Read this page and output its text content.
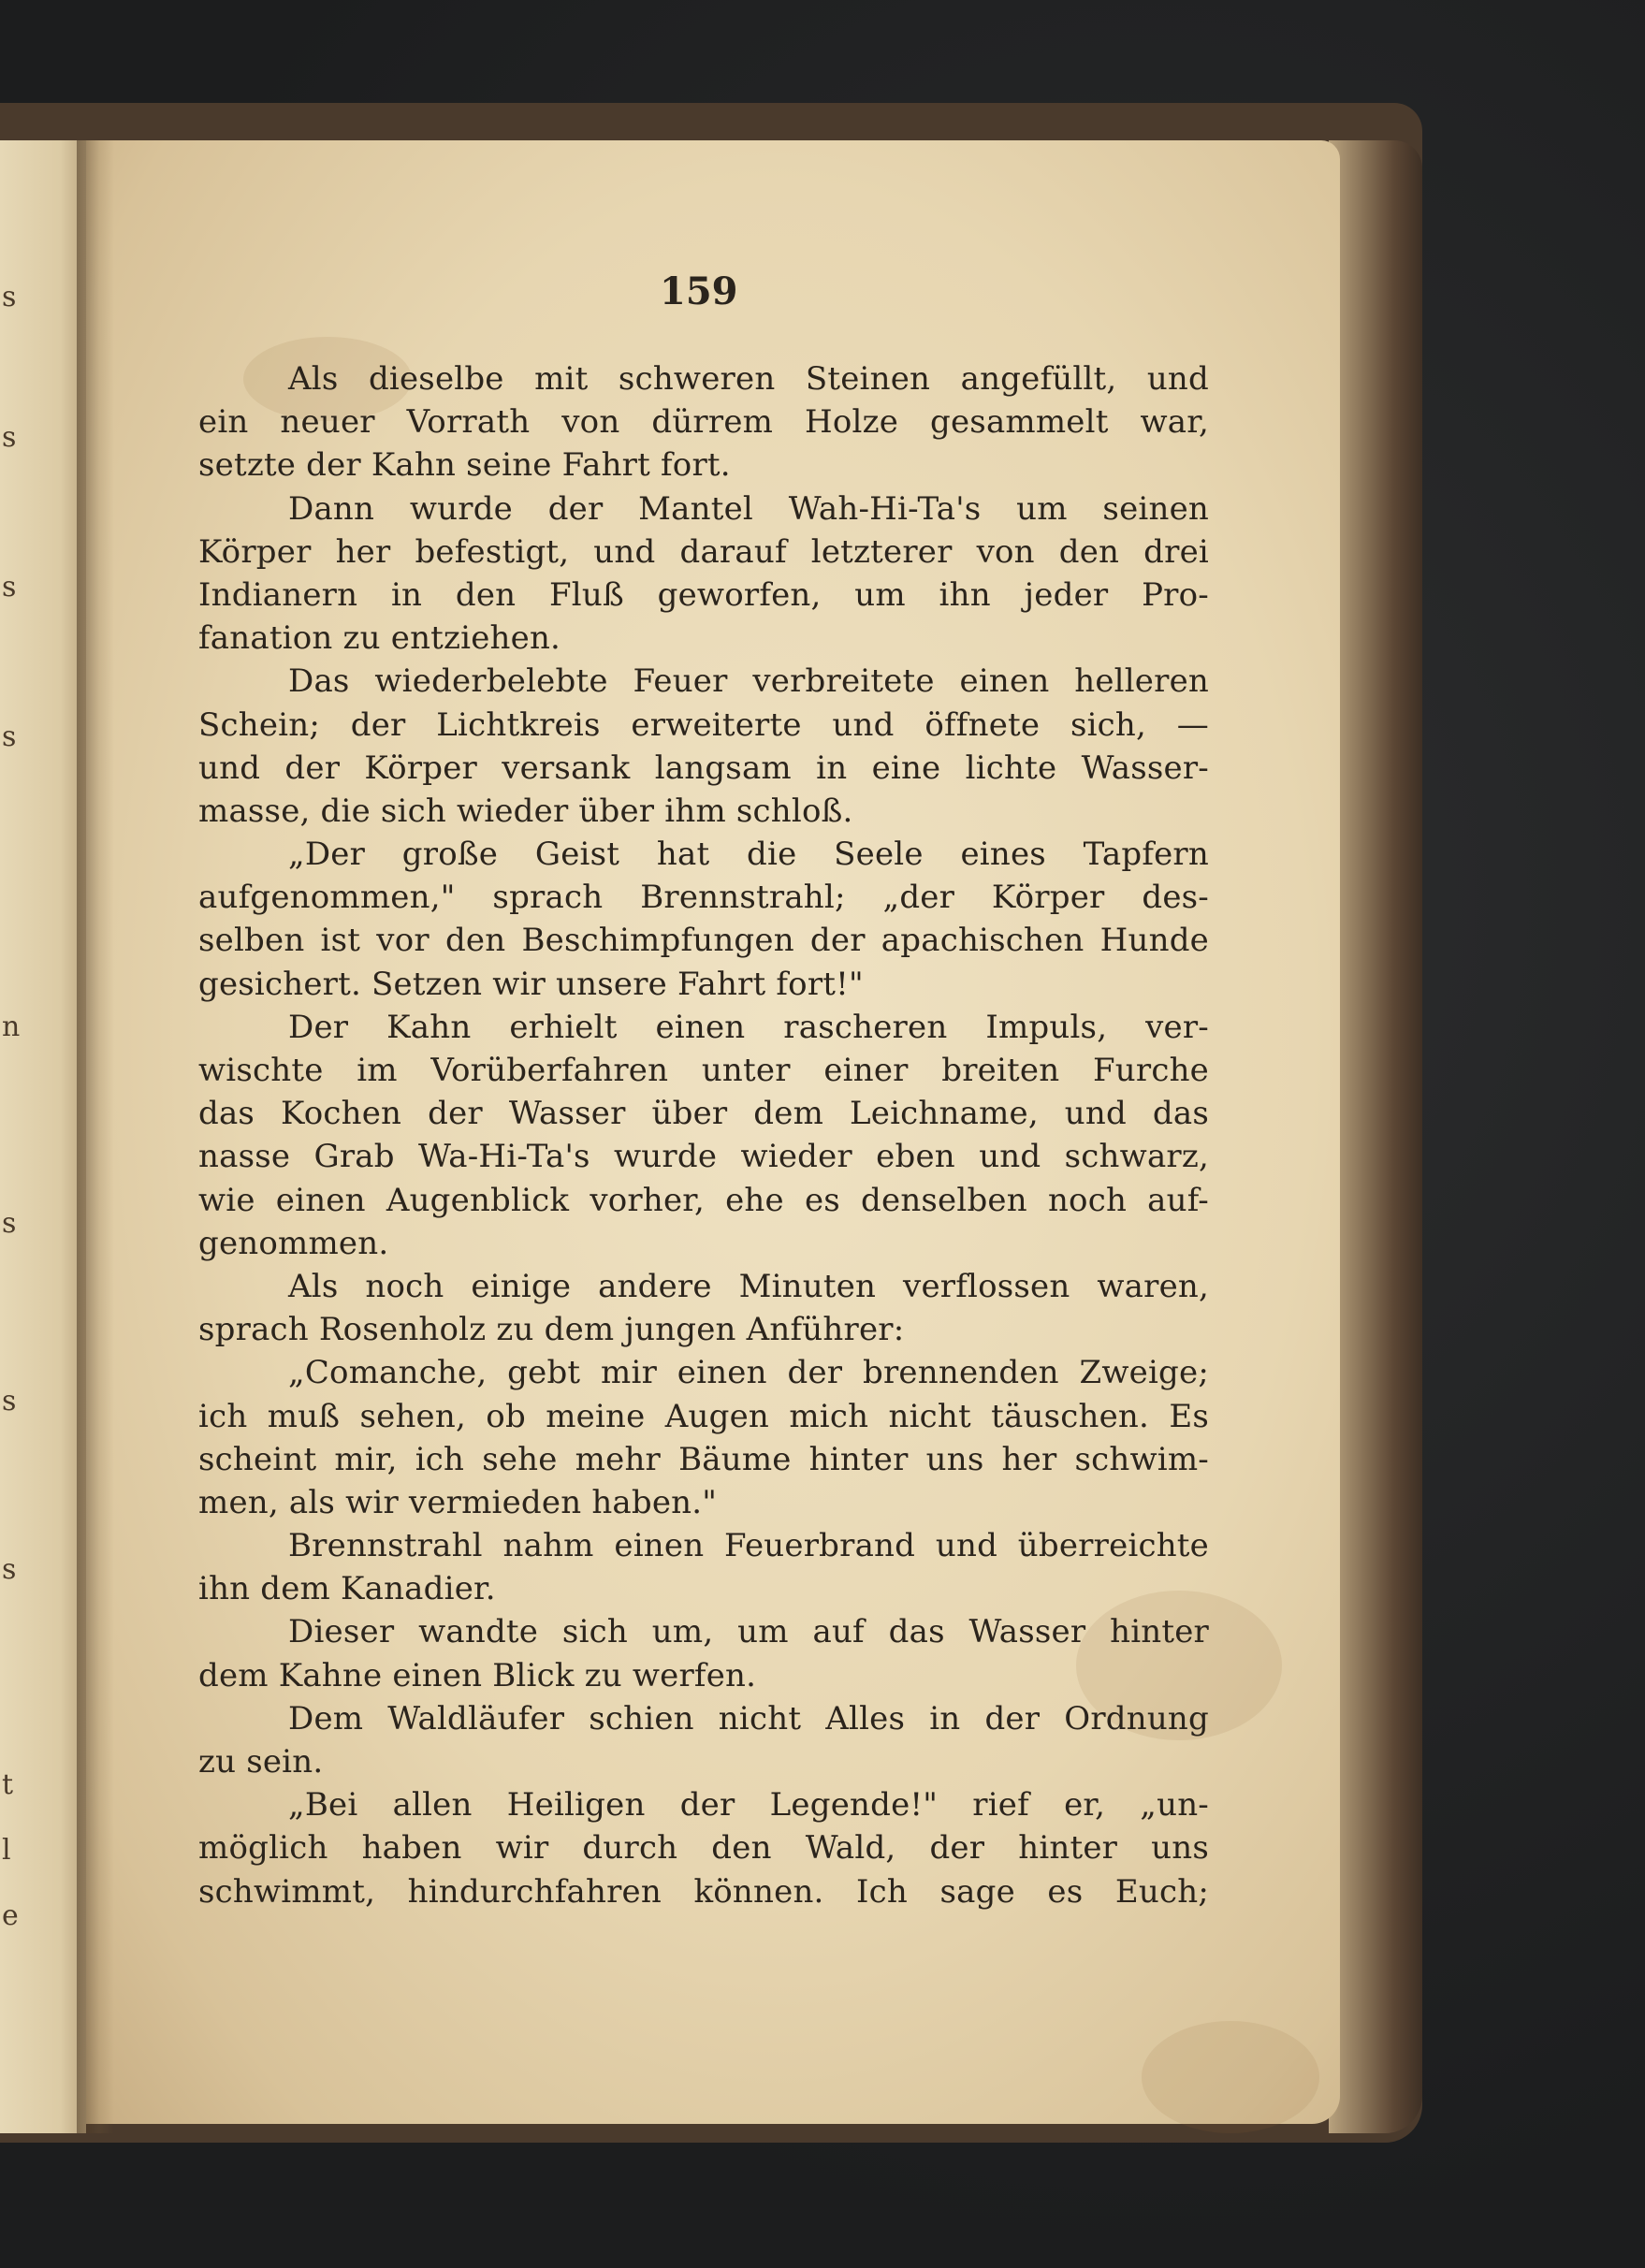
s
s
s
s
n
s
s
s
t
l
e
159
Als dieselbe mit schweren Steinen angefüllt, und
ein neuer Vorrath von dürrem Holze gesammelt war,
setzte der Kahn seine Fahrt fort.
Dann wurde der Mantel Wah-Hi-Ta's um seinen
Körper her befestigt, und darauf letzterer von den drei
Indianern in den Fluß geworfen, um ihn jeder Pro-
fanation zu entziehen.
Das wiederbelebte Feuer verbreitete einen helleren
Schein; der Lichtkreis erweiterte und öffnete sich, —
und der Körper versank langsam in eine lichte Wasser-
masse, die sich wieder über ihm schloß.
„Der große Geist hat die Seele eines Tapfern
aufgenommen," sprach Brennstrahl; „der Körper des-
selben ist vor den Beschimpfungen der apachischen Hunde
gesichert. Setzen wir unsere Fahrt fort!"
Der Kahn erhielt einen rascheren Impuls, ver-
wischte im Vorüberfahren unter einer breiten Furche
das Kochen der Wasser über dem Leichname, und das
nasse Grab Wa-Hi-Ta's wurde wieder eben und schwarz,
wie einen Augenblick vorher, ehe es denselben noch auf-
genommen.
Als noch einige andere Minuten verflossen waren,
sprach Rosenholz zu dem jungen Anführer:
„Comanche, gebt mir einen der brennenden Zweige;
ich muß sehen, ob meine Augen mich nicht täuschen. Es
scheint mir, ich sehe mehr Bäume hinter uns her schwim-
men, als wir vermieden haben."
Brennstrahl nahm einen Feuerbrand und überreichte
ihn dem Kanadier.
Dieser wandte sich um, um auf das Wasser hinter
dem Kahne einen Blick zu werfen.
Dem Waldläufer schien nicht Alles in der Ordnung
zu sein.
„Bei allen Heiligen der Legende!" rief er, „un-
möglich haben wir durch den Wald, der hinter uns
schwimmt, hindurchfahren können. Ich sage es Euch;
